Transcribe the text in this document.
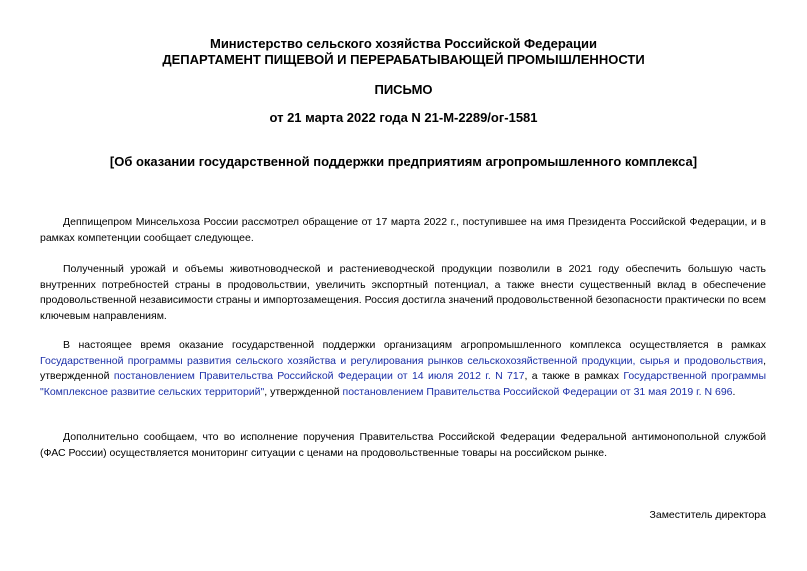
Министерство сельского хозяйства Российской Федерации
ДЕПАРТАМЕНТ ПИЩЕВОЙ И ПЕРЕРАБАТЫВАЮЩЕЙ ПРОМЫШЛЕННОСТИ
ПИСЬМО
от 21 марта 2022 года N 21-М-2289/ог-1581
[Об оказании государственной поддержки предприятиям агропромышленного комплекса]

Деппищепром Минсельхоза России рассмотрел обращение от 17 марта 2022 г., поступившее на имя Президента Российской Федерации, и в рамках компетенции сообщает следующее.

Полученный урожай и объемы животноводческой и растениеводческой продукции позволили в 2021 году обеспечить большую часть внутренних потребностей страны в продовольствии, увеличить экспортный потенциал, а также внести существенный вклад в обеспечение продовольственной независимости страны и импортозамещения. Россия достигла значений продовольственной безопасности практически по всем ключевым направлениям.

В настоящее время оказание государственной поддержки организациям агропромышленного комплекса осуществляется в рамках Государственной программы развития сельского хозяйства и регулирования рынков сельскохозяйственной продукции, сырья и продовольствия, утвержденной постановлением Правительства Российской Федерации от 14 июля 2012 г. N 717, а также в рамках Государственной программы "Комплексное развитие сельских территорий", утвержденной постановлением Правительства Российской Федерации от 31 мая 2019 г. N 696.

Дополнительно сообщаем, что во исполнение поручения Правительства Российской Федерации Федеральной антимонопольной службой (ФАС России) осуществляется мониторинг ситуации с ценами на продовольственные товары на российском рынке.

Заместитель директора
